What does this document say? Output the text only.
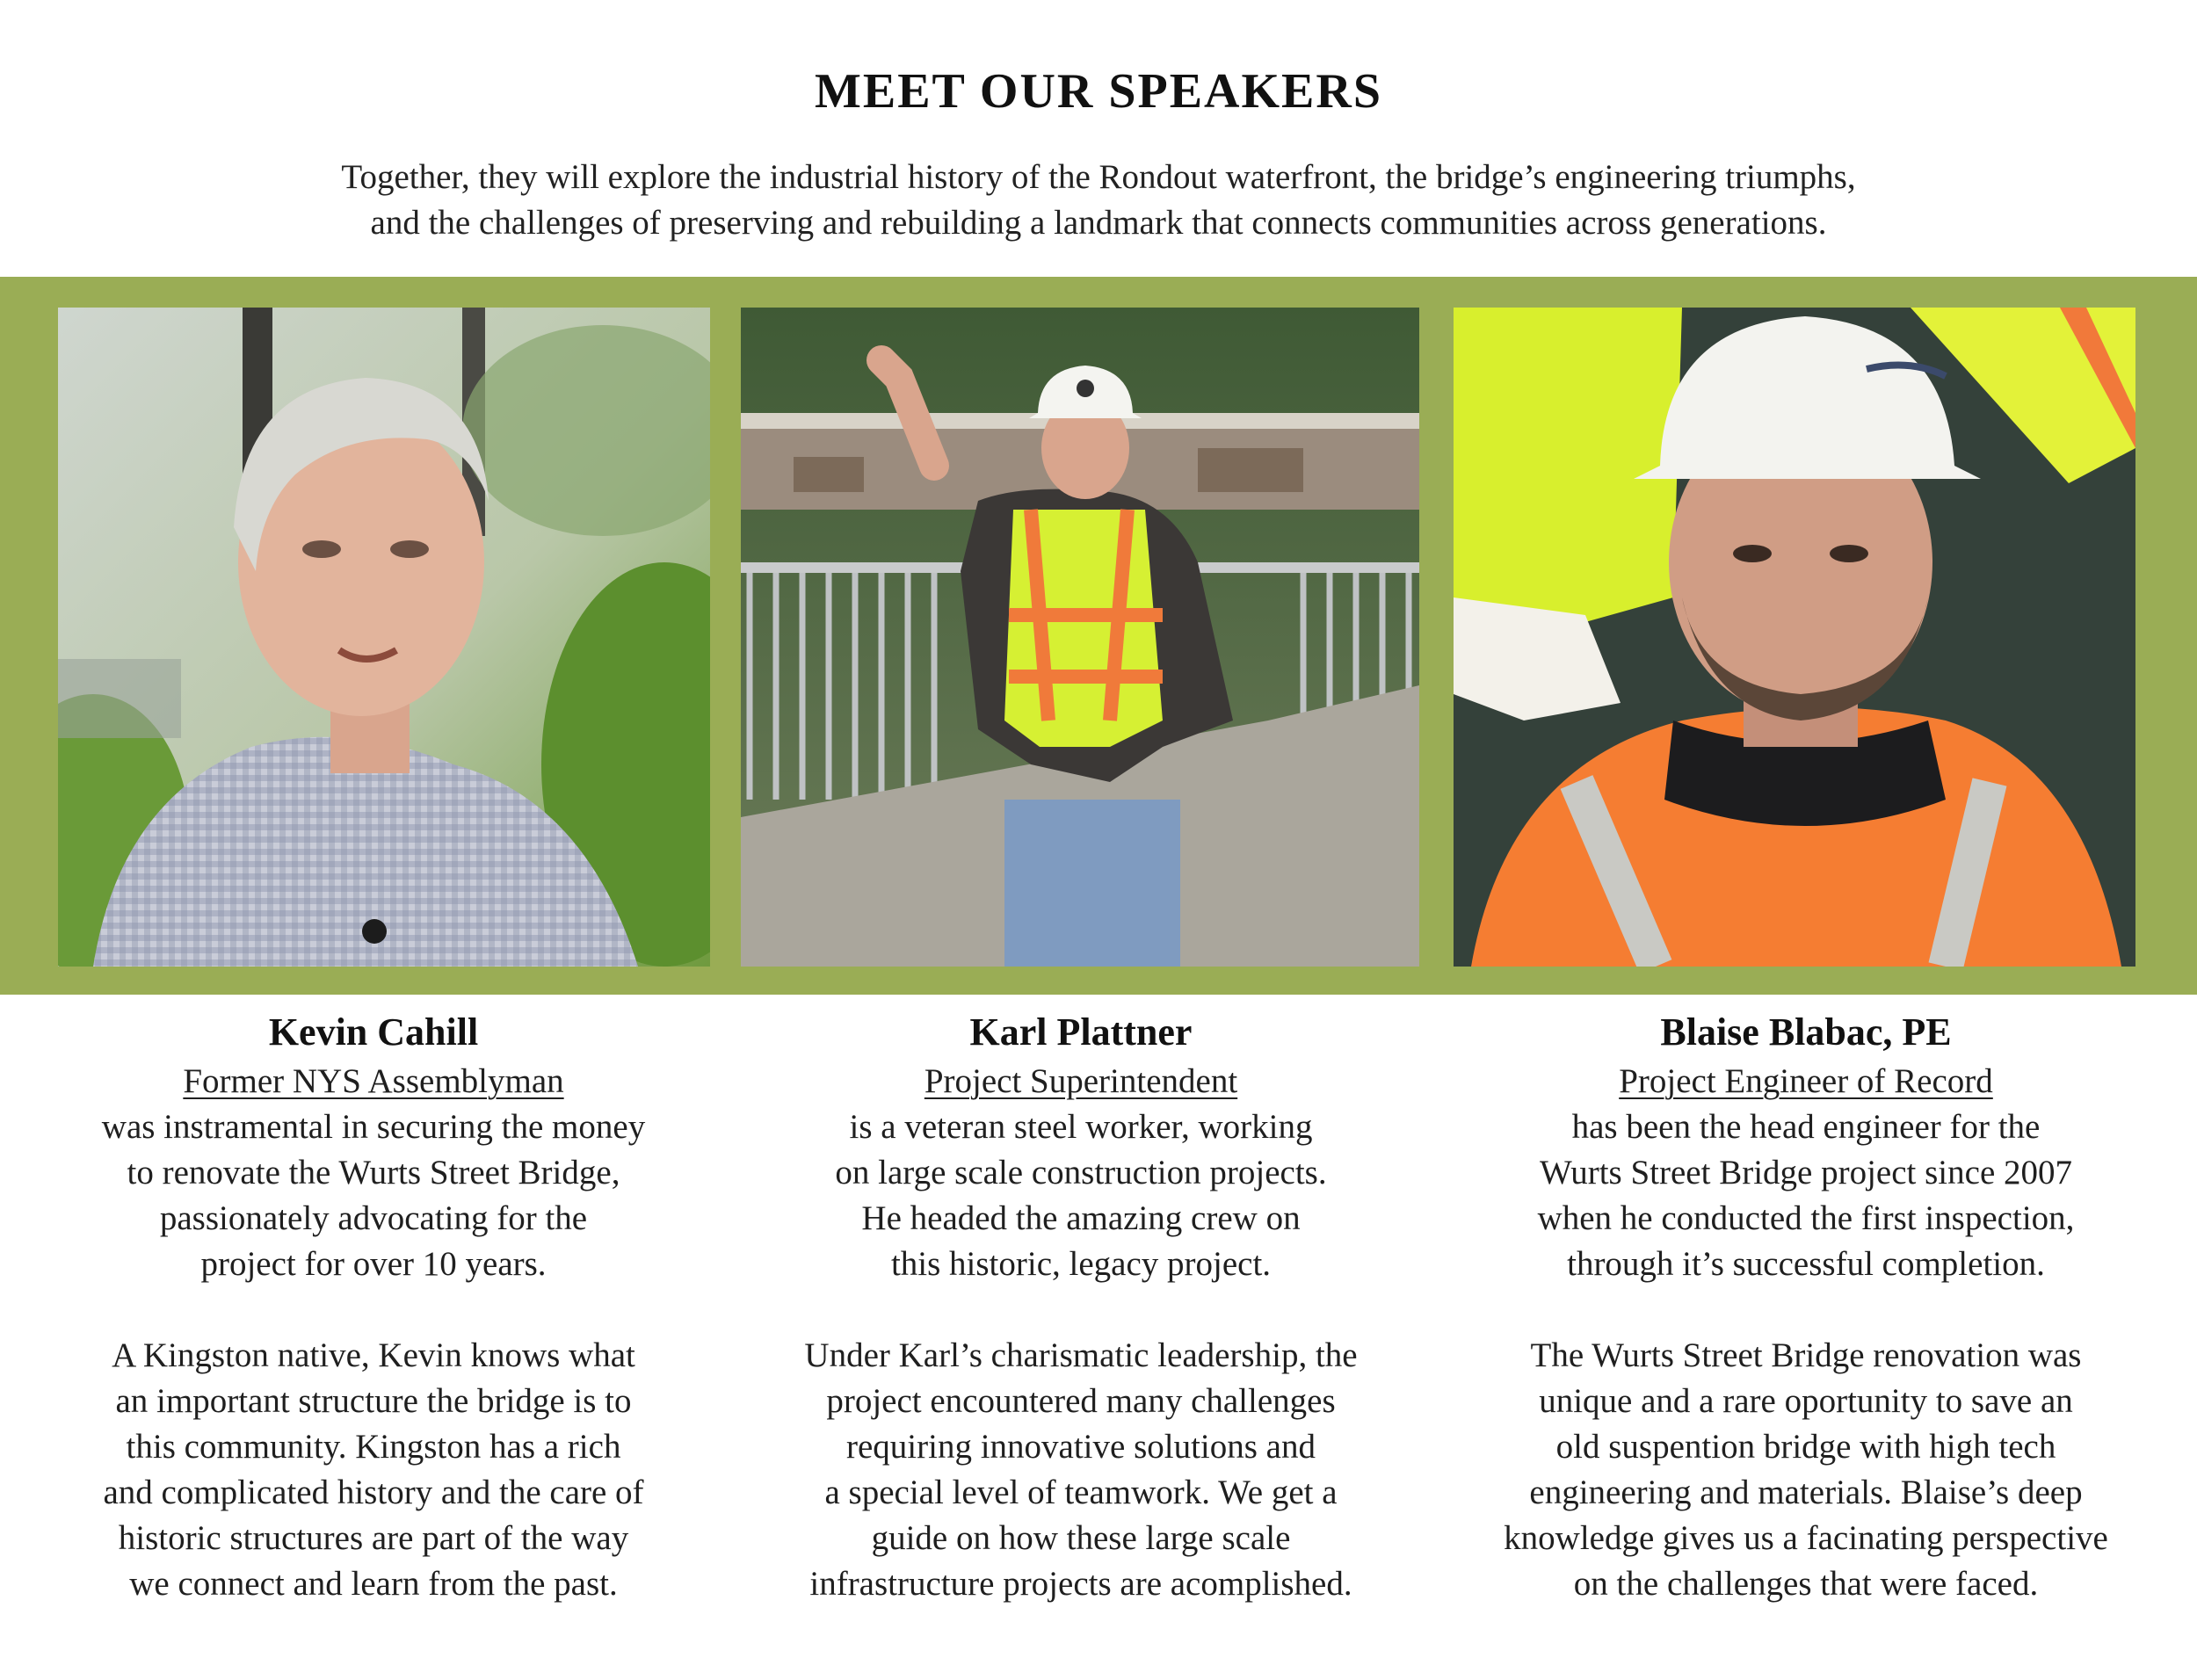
MEET OUR SPEAKERS
Together, they will explore the industrial history of the Rondout waterfront, the bridge’s engineering triumphs,
and the challenges of preserving and rebuilding a landmark that connects communities across generations.
Kevin Cahill
Former NYS Assemblyman
was instramental in securing the money
to renovate the Wurts Street Bridge,
passionately advocating for the
project for over 10 years.
A Kingston native, Kevin knows what
an important structure the bridge is to
this community. Kingston has a rich
and complicated history and the care of
historic structures are part of the way
we connect and learn from the past.
Karl Plattner
Project Superintendent
is a veteran steel worker, working
on large scale construction projects.
He headed the amazing crew on
this historic, legacy project.
Under Karl’s charismatic leadership, the
project encountered many challenges
requiring innovative solutions and
a special level of teamwork. We get a
guide on how these large scale
infrastructure projects are acomplished.
Blaise Blabac, PE
Project Engineer of Record
has been the head engineer for the
Wurts Street Bridge project since 2007
when he conducted the first inspection,
through it’s successful completion.
The Wurts Street Bridge renovation was
unique and a rare oportunity to save an
old suspention bridge with high tech
engineering and materials. Blaise’s deep
knowledge gives us a facinating perspective
on the challenges that were faced.
